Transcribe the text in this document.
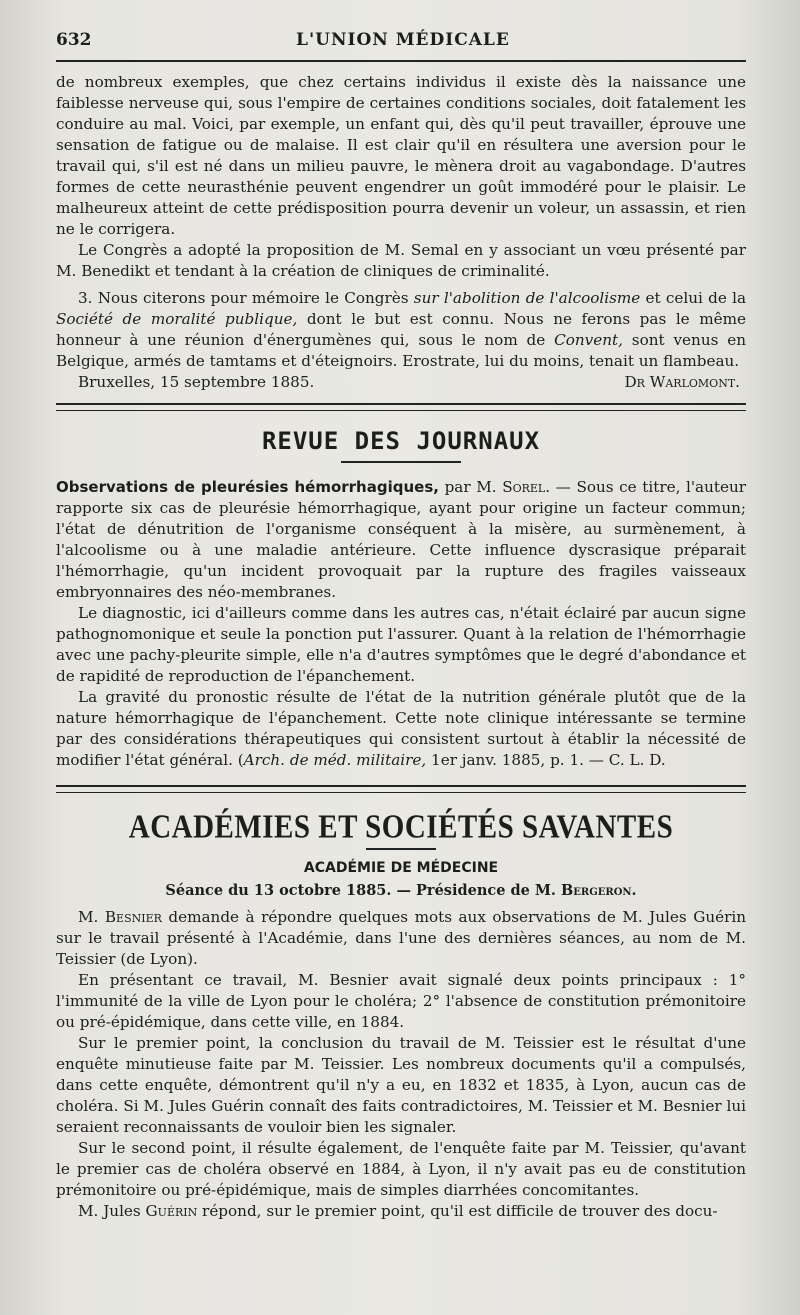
632	L'UNION MÉDICALE

de nombreux exemples, que chez certains individus il existe dès la naissance une faiblesse nerveuse qui, sous l'empire de certaines conditions sociales, doit fatalement les conduire au mal. Voici, par exemple, un enfant qui, dès qu'il peut travailler, éprouve une sensation de fatigue ou de malaise. Il est clair qu'il en résultera une aversion pour le travail qui, s'il est né dans un milieu pauvre, le mènera droit au vagabondage. D'autres formes de cette neurasthénie peuvent engendrer un goût immodéré pour le plaisir. Le malheureux atteint de cette prédisposition pourra devenir un voleur, un assassin, et rien ne le corrigera.

Le Congrès a adopté la proposition de M. Semal en y associant un vœu présenté par M. Benedikt et tendant à la création de cliniques de criminalité.

3. Nous citerons pour mémoire le Congrès sur l'abolition de l'alcoolisme et celui de la Société de moralité publique, dont le but est connu. Nous ne ferons pas le même honneur à une réunion d'énergumènes qui, sous le nom de Convent, sont venus en Belgique, armés de tamtams et d'éteignoirs. Erostrate, lui du moins, tenait un flambeau.

Bruxelles, 15 septembre 1885.	Dr Warlomont.
REVUE DES JOURNAUX

Observations de pleurésies hémorrhagiques, par M. Sorel. — Sous ce titre, l'auteur rapporte six cas de pleurésie hémorrhagique, ayant pour origine un facteur commun; l'état de dénutrition de l'organisme conséquent à la misère, au surmènement, à l'alcoolisme ou à une maladie antérieure. Cette influence dyscrasique préparait l'hémorrhagie, qu'un incident provoquait par la rupture des fragiles vaisseaux embryonnaires des néo-membranes.

Le diagnostic, ici d'ailleurs comme dans les autres cas, n'était éclairé par aucun signe pathognomonique et seule la ponction put l'assurer. Quant à la relation de l'hémorrhagie avec une pachy-pleurite simple, elle n'a d'autres symptômes que le degré d'abondance et de rapidité de reproduction de l'épanchement.

La gravité du pronostic résulte de l'état de la nutrition générale plutôt que de la nature hémorrhagique de l'épanchement. Cette note clinique intéressante se termine par des considérations thérapeutiques qui consistent surtout à établir la nécessité de modifier l'état général. (Arch. de méd. militaire, 1er janv. 1885, p. 1. — C. L. D.

ACADÉMIES ET SOCIÉTÉS SAVANTES
ACADÉMIE DE MÉDECINE
Séance du 13 octobre 1885. — Présidence de M. Bergeron.

M. Besnier demande à répondre quelques mots aux observations de M. Jules Guérin sur le travail présenté à l'Académie, dans l'une des dernières séances, au nom de M. Teissier (de Lyon).

En présentant ce travail, M. Besnier avait signalé deux points principaux : 1° l'immunité de la ville de Lyon pour le choléra; 2° l'absence de constitution prémonitoire ou pré-épidémique, dans cette ville, en 1884.

Sur le premier point, la conclusion du travail de M. Teissier est le résultat d'une enquête minutieuse faite par M. Teissier. Les nombreux documents qu'il a compulsés, dans cette enquête, démontrent qu'il n'y a eu, en 1832 et 1835, à Lyon, aucun cas de choléra. Si M. Jules Guérin connaît des faits contradictoires, M. Teissier et M. Besnier lui seraient reconnaissants de vouloir bien les signaler.

Sur le second point, il résulte également, de l'enquête faite par M. Teissier, qu'avant le premier cas de choléra observé en 1884, à Lyon, il n'y avait pas eu de constitution prémonitoire ou pré-épidémique, mais de simples diarrhées concomitantes.

M. Jules Guérin répond, sur le premier point, qu'il est difficile de trouver des docu-
